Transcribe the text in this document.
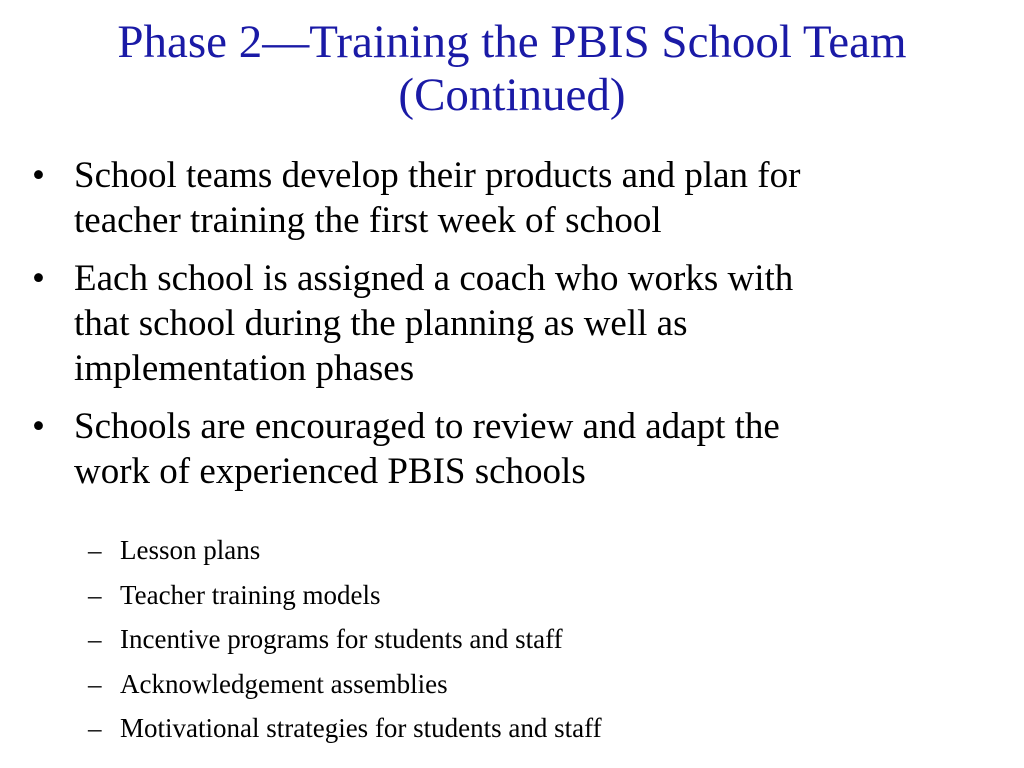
Phase 2—Training the PBIS School Team
(Continued)
• School teams develop their products and plan for
teacher training the first week of school
• Each school is assigned a coach who works with
that school during the planning as well as
implementation phases
• Schools are encouraged to review and adapt the
work of experienced PBIS schools
– Lesson plans
– Teacher training models
– Incentive programs for students and staff
– Acknowledgement assemblies
– Motivational strategies for students and staff
